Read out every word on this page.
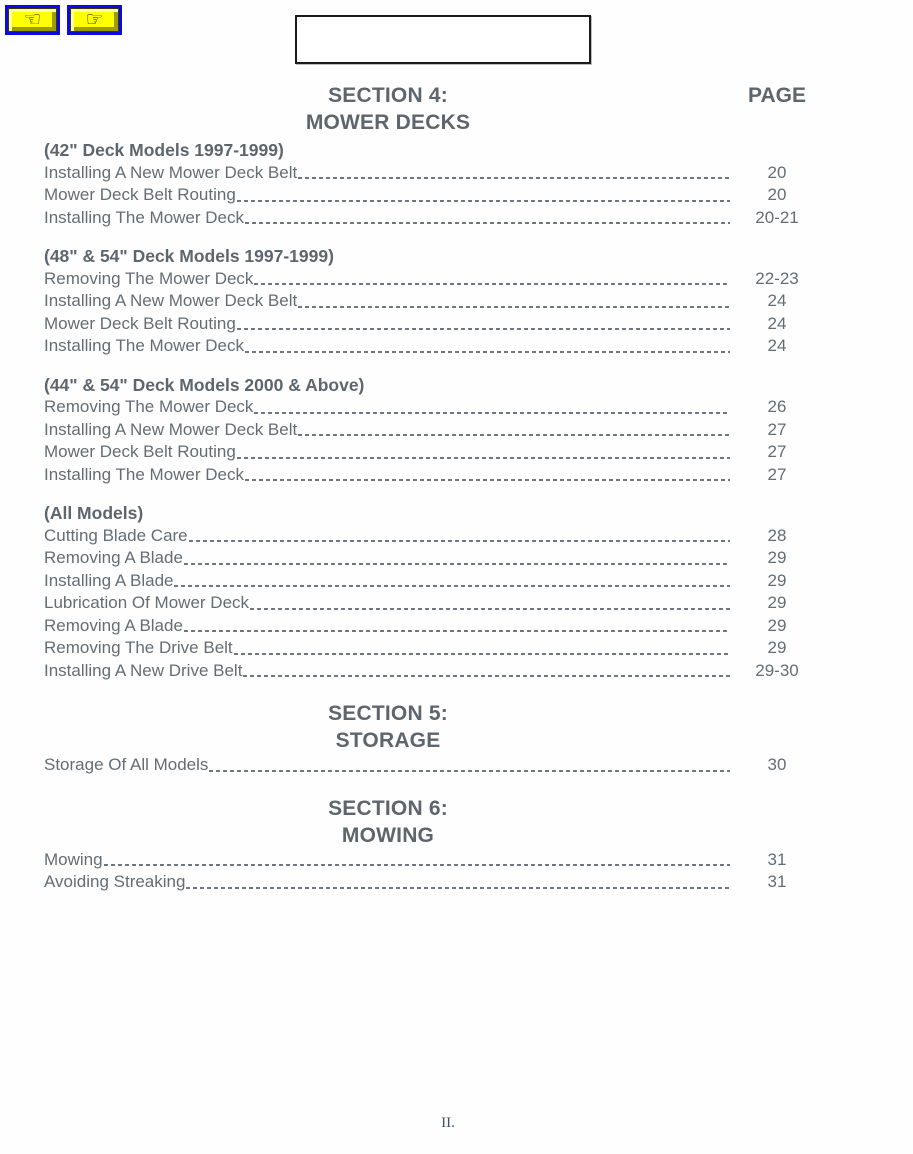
☜ ☞
SECTION 4:
MOWER DECKS
PAGE
(42" Deck Models 1997-1999)
Installing A New Mower Deck Belt	20
Mower Deck Belt Routing	20
Installing The Mower Deck	20-21
(48" & 54" Deck Models 1997-1999)
Removing The Mower Deck	22-23
Installing A New Mower Deck Belt	24
Mower Deck Belt Routing	24
Installing The Mower Deck	24
(44" & 54" Deck Models 2000 & Above)
Removing The Mower Deck	26
Installing A New Mower Deck Belt	27
Mower Deck Belt Routing	27
Installing The Mower Deck	27
(All Models)
Cutting Blade Care	28
Removing A Blade	29
Installing A Blade	29
Lubrication Of Mower Deck	29
Removing A Blade	29
Removing The Drive Belt	29
Installing A New Drive Belt	29-30
SECTION 5:
STORAGE
Storage Of All Models	30
SECTION 6:
MOWING
Mowing	31
Avoiding Streaking	31
II.
